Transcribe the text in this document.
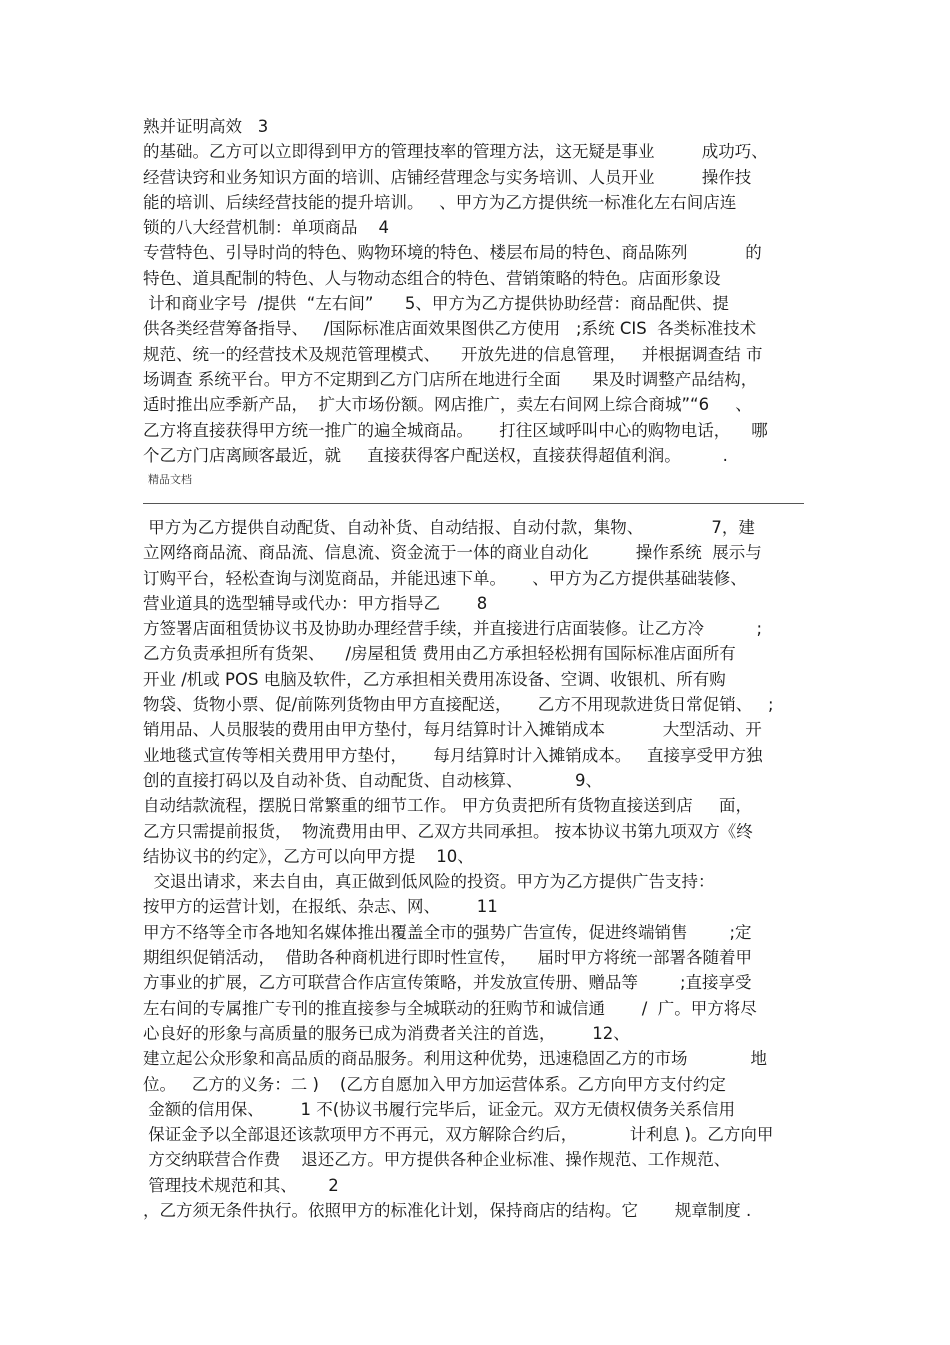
熟并证明高效   3
的基础。乙方可以立即得到甲方的管理技率的管理方法，这无疑是事业         成功巧、
经营诀窍和业务知识方面的培训、店铺经营理念与实务培训、人员开业         操作技
能的培训、后续经营技能的提升培训。   、甲方为乙方提供统一标准化左右间店连
锁的八大经营机制：单项商品    4
专营特色、引导时尚的特色、购物环境的特色、楼层布局的特色、商品陈列           的
特色、道具配制的特色、人与物动态组合的特色、营销策略的特色。店面形象设
计和商业字号  /提供  “左右间”      5、甲方为乙方提供协助经营：商品配供、提
供各类经营筹备指导、   /国际标准店面效果图供乙方使用   ;系统 CIS  各类标准技术
规范、统一的经营技术及规范管理模式、    开放先进的信息管理，   并根据调查结 市
场调查 系统平台。甲方不定期到乙方门店所在地进行全面      果及时调整产品结构，
适时推出应季新产品，  扩大市场份额。网店推广，卖左右间网上综合商城”“6     、
乙方将直接获得甲方统一推广的遍全城商品。     打往区域呼叫中心的购物电话，    哪
个乙方门店离顾客最近，就     直接获得客户配送权，直接获得超值利润。        .
精品文档
甲方为乙方提供自动配货、自动补货、自动结报、自动付款，集物、             7，建
立网络商品流、商品流、信息流、资金流于一体的商业自动化         操作系统  展示与
订购平台，轻松查询与浏览商品，并能迅速下单。     、甲方为乙方提供基础装修、
营业道具的选型辅导或代办：甲方指导乙       8
方签署店面租赁协议书及协助办理经营手续，并直接进行店面装修。让乙方冷          ;
乙方负责承担所有货架、    /房屋租赁 费用由乙方承担轻松拥有国际标准店面所有
开业 /机或 POS 电脑及软件，乙方承担相关费用冻设备、空调、收银机、所有购
物袋、货物小票、促/前陈列货物由甲方直接配送，     乙方不用现款进货日常促销、   ;
销用品、人员服装的费用由甲方垫付，每月结算时计入摊销成本           大型活动、开
业地毯式宣传等相关费用甲方垫付，     每月结算时计入摊销成本。   直接享受甲方独
创的直接打码以及自动补货、自动配货、自动核算、          9、
自动结款流程，摆脱日常繁重的细节工作。 甲方负责把所有货物直接送到店     面，
乙方只需提前报货，  物流费用由甲、乙双方共同承担。 按本协议书第九项双方《终
结协议书的约定》，乙方可以向甲方提    10、
交退出请求，来去自由，真正做到低风险的投资。甲方为乙方提供广告支持：
按甲方的运营计划，在报纸、杂志、网、       11
甲方不络等全市各地知名媒体推出覆盖全市的强势广告宣传，促进终端销售        ;定
期组织促销活动，  借助各种商机进行即时性宣传，    届时甲方将统一部署各随着甲
方事业的扩展，乙方可联营合作店宣传策略，并发放宣传册、赠品等        ;直接享受
左右间的专属推广专刊的推直接参与全城联动的狂购节和诚信通       /  广。甲方将尽
心良好的形象与高质量的服务已成为消费者关注的首选，       12、
建立起公众形象和高品质的商品服务。利用这种优势，迅速稳固乙方的市场            地
位。   乙方的义务：二 )    (乙方自愿加入甲方加运营体系。乙方向甲方支付约定
金额的信用保、       1 不(协议书履行完毕后，证金元。双方无债权债务关系信用
保证金予以全部退还该款项甲方不再元，双方解除合约后，          计利息 )。乙方向甲
方交纳联营合作费    退还乙方。甲方提供各种企业标准、操作规范、工作规范、
管理技术规范和其、      2
，乙方须无条件执行。依照甲方的标准化计划，保持商店的结构。它       规章制度 .
